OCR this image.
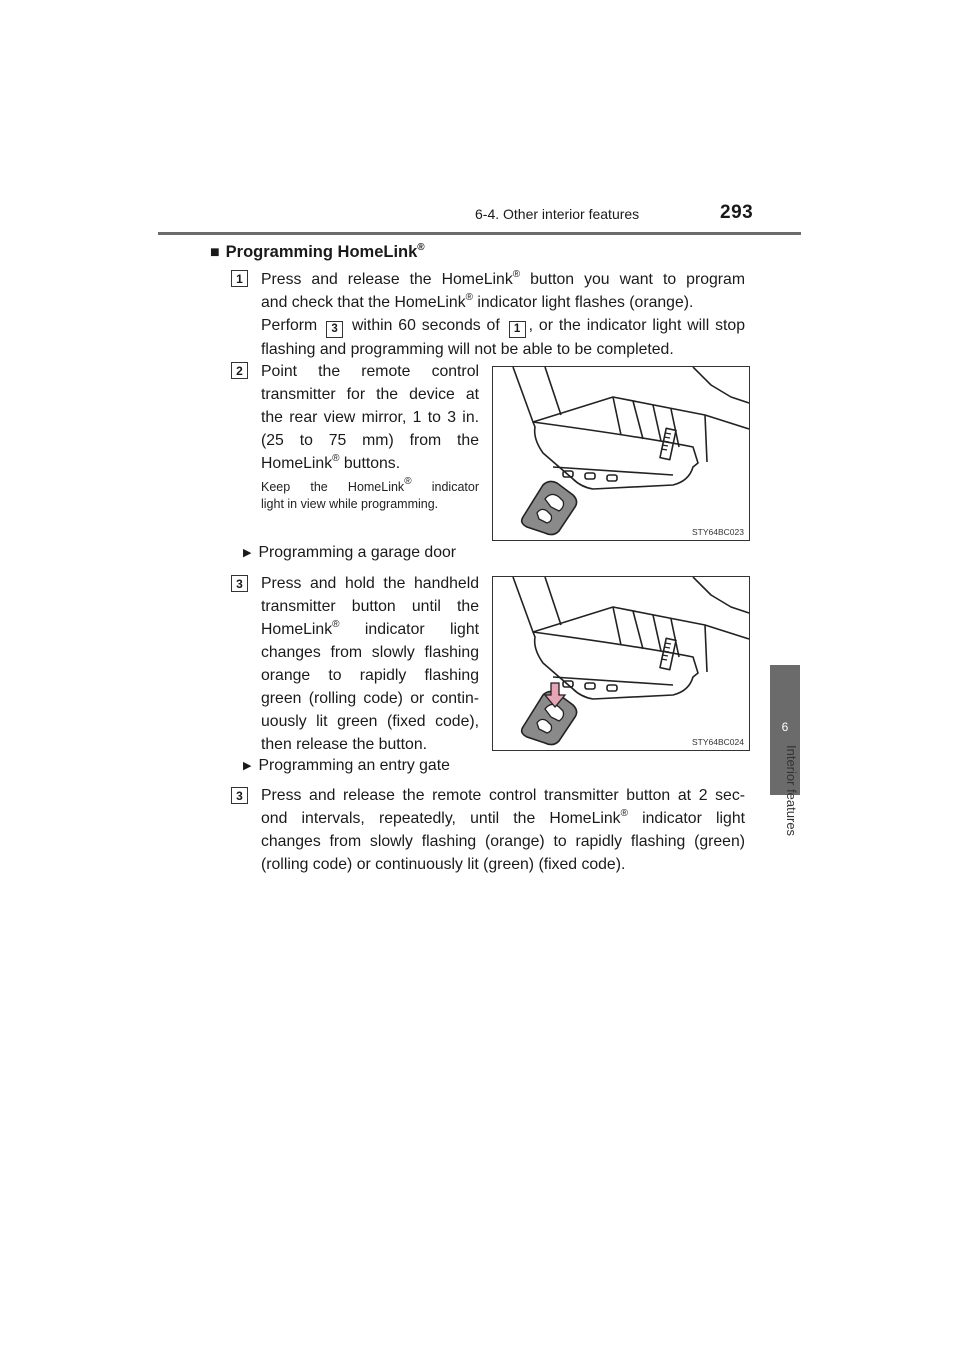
6-4. Other interior features	293
6
Interior features
■ Programming HomeLink®
1	Press and release the HomeLink® button you want to program
and check that the HomeLink® indicator light flashes (orange).
Perform 3 within 60 seconds of 1 , or the indicator light will stop
flashing and programming will not be able to be completed.
2	Point the remote control
transmitter for the device at
the rear view mirror, 1 to 3 in.
(25 to 75 mm) from the
HomeLink® buttons.
Keep the HomeLink® indicator
light in view while programming.
STY64BC023
▶ Programming a garage door
3	Press and hold the handheld
transmitter button until the
HomeLink® indicator light
changes from slowly flashing
orange to rapidly flashing
green (rolling code) or contin-
uously lit green (fixed code),
then release the button.	STY64BC024
▶ Programming an entry gate
3	Press and release the remote control transmitter button at 2 sec-
ond intervals, repeatedly, until the HomeLink® indicator light
changes from slowly flashing (orange) to rapidly flashing (green)
(rolling code) or continuously lit (green) (fixed code).
